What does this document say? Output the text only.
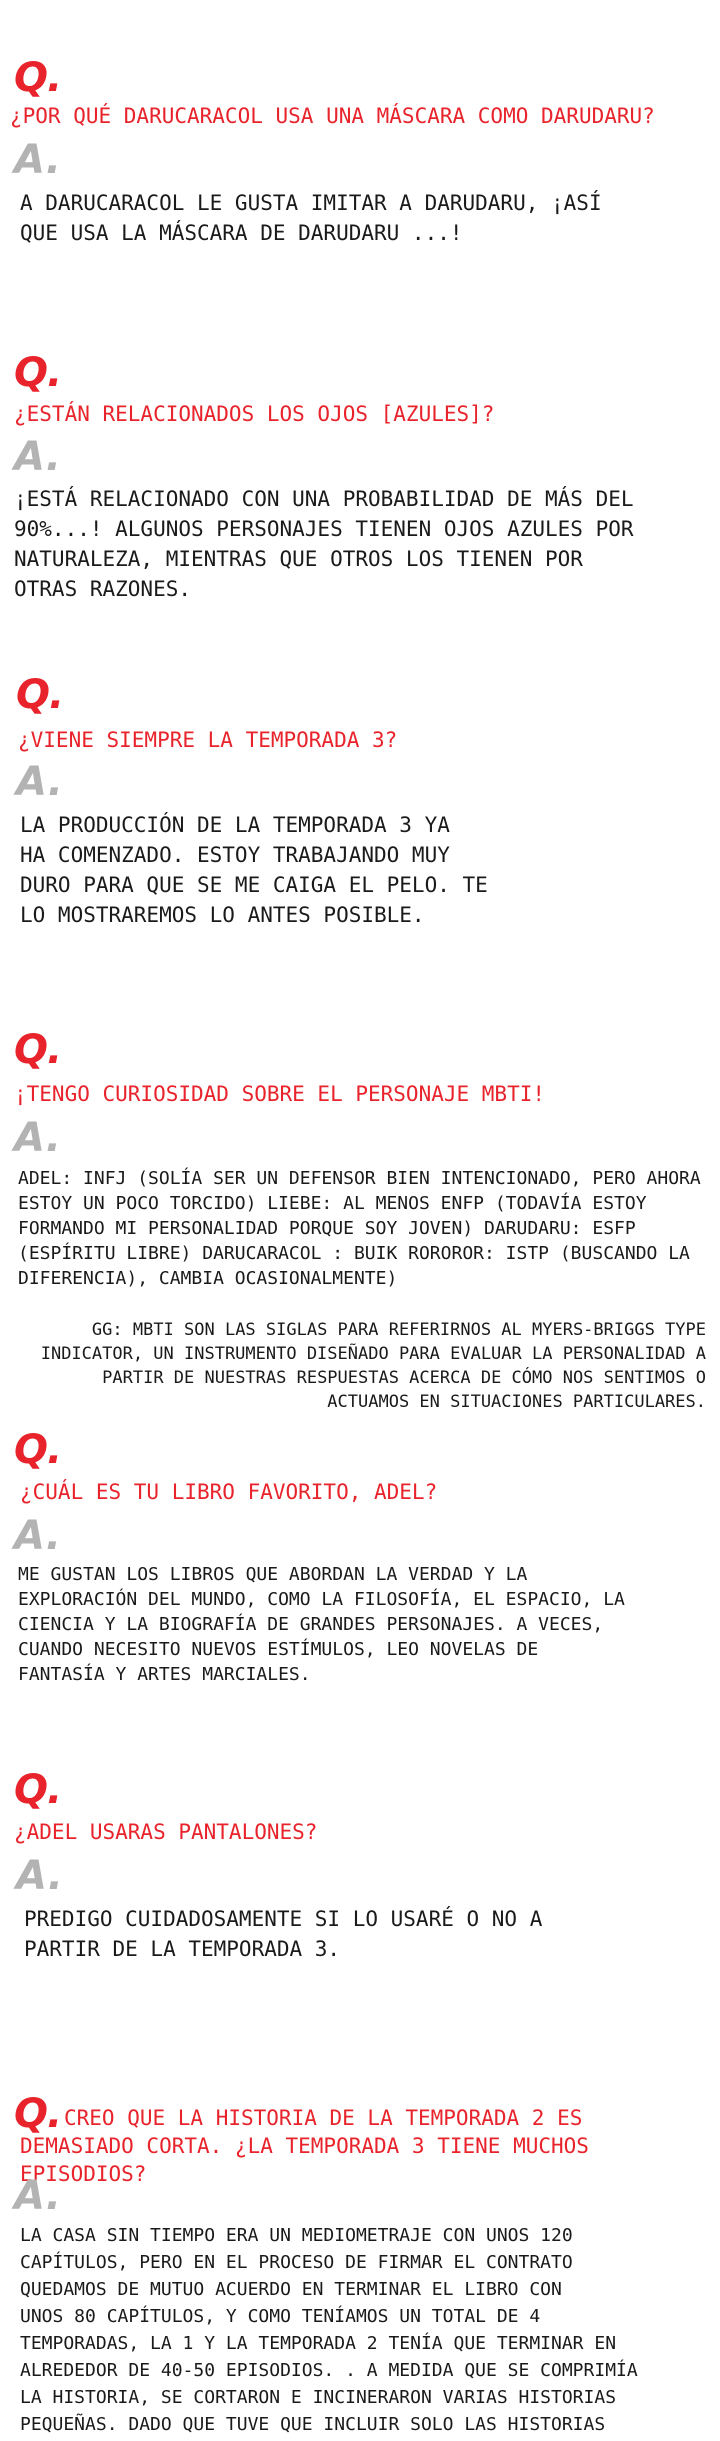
Q.
¿POR QUÉ DARUCARACOL USA UNA MÁSCARA COMO DARUDARU?
A.
A DARUCARACOL LE GUSTA IMITAR A DARUDARU, ¡ASÍ
QUE USA LA MÁSCARA DE DARUDARU ...!
Q.
¿ESTÁN RELACIONADOS LOS OJOS [AZULES]?
A.
¡ESTÁ RELACIONADO CON UNA PROBABILIDAD DE MÁS DEL
90%...! ALGUNOS PERSONAJES TIENEN OJOS AZULES POR
NATURALEZA, MIENTRAS QUE OTROS LOS TIENEN POR
OTRAS RAZONES.
Q.
¿VIENE SIEMPRE LA TEMPORADA 3?
A.
LA PRODUCCIÓN DE LA TEMPORADA 3 YA
HA COMENZADO. ESTOY TRABAJANDO MUY
DURO PARA QUE SE ME CAIGA EL PELO. TE
LO MOSTRAREMOS LO ANTES POSIBLE.
Q.
¡TENGO CURIOSIDAD SOBRE EL PERSONAJE MBTI!
A.
ADEL: INFJ (SOLÍA SER UN DEFENSOR BIEN INTENCIONADO, PERO AHORA
ESTOY UN POCO TORCIDO) LIEBE: AL MENOS ENFP (TODAVÍA ESTOY
FORMANDO MI PERSONALIDAD PORQUE SOY JOVEN) DARUDARU: ESFP
(ESPÍRITU LIBRE) DARUCARACOL : BUIK ROROROR: ISTP (BUSCANDO LA
DIFERENCIA), CAMBIA OCASIONALMENTE)
GG: MBTI SON LAS SIGLAS PARA REFERIRNOS AL MYERS-BRIGGS TYPE
INDICATOR, UN INSTRUMENTO DISEÑADO PARA EVALUAR LA PERSONALIDAD A
PARTIR DE NUESTRAS RESPUESTAS ACERCA DE CÓMO NOS SENTIMOS O
ACTUAMOS EN SITUACIONES PARTICULARES.
Q.
¿CUÁL ES TU LIBRO FAVORITO, ADEL?
A.
ME GUSTAN LOS LIBROS QUE ABORDAN LA VERDAD Y LA
EXPLORACIÓN DEL MUNDO, COMO LA FILOSOFÍA, EL ESPACIO, LA
CIENCIA Y LA BIOGRAFÍA DE GRANDES PERSONAJES. A VECES,
CUANDO NECESITO NUEVOS ESTÍMULOS, LEO NOVELAS DE
FANTASÍA Y ARTES MARCIALES.
Q.
¿ADEL USARAS PANTALONES?
A.
PREDIGO CUIDADOSAMENTE SI LO USARÉ O NO A
PARTIR DE LA TEMPORADA 3.
Q. CREO QUE LA HISTORIA DE LA TEMPORADA 2 ES
DEMASIADO CORTA. ¿LA TEMPORADA 3 TIENE MUCHOS
EPISODIOS?
A.
LA CASA SIN TIEMPO ERA UN MEDIOMETRAJE CON UNOS 120
CAPÍTULOS, PERO EN EL PROCESO DE FIRMAR EL CONTRATO
QUEDAMOS DE MUTUO ACUERDO EN TERMINAR EL LIBRO CON
UNOS 80 CAPÍTULOS, Y COMO TENÍAMOS UN TOTAL DE 4
TEMPORADAS, LA 1 Y LA TEMPORADA 2 TENÍA QUE TERMINAR EN
ALREDEDOR DE 40-50 EPISODIOS. . A MEDIDA QUE SE COMPRIMÍA
LA HISTORIA, SE CORTARON E INCINERARON VARIAS HISTORIAS
PEQUEÑAS. DADO QUE TUVE QUE INCLUIR SOLO LAS HISTORIAS
